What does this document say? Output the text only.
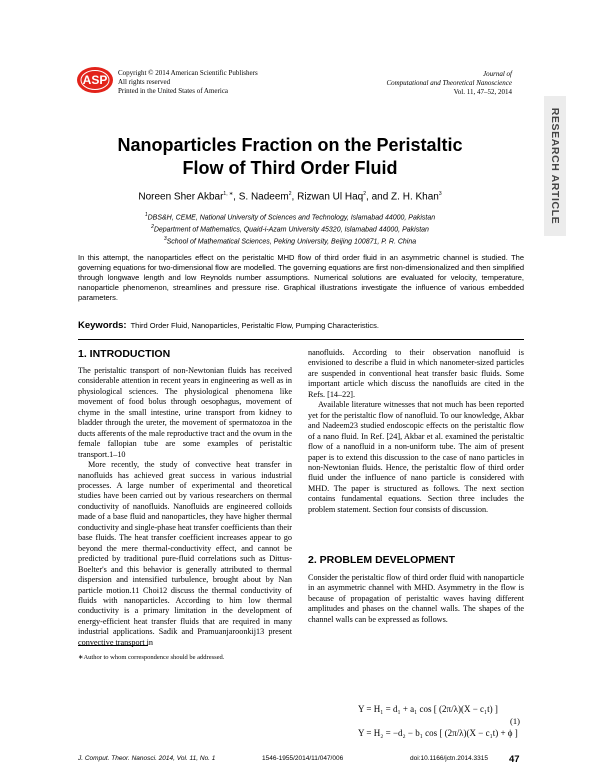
ASP Copyright © 2014 American Scientific Publishers
All rights reserved
Printed in the United States of America
Journal of
Computational and Theoretical Nanoscience
Vol. 11, 47–52, 2014
RESEARCH ARTICLE
Nanoparticles Fraction on the Peristaltic
Flow of Third Order Fluid
Noreen Sher Akbar$^{1, ∗}$, S. Nadeem$^2$, Rizwan Ul Haq$^2$, and Z. H. Khan$^3$
$^1$DBS&H, CEME, National University of Sciences and Technology, Islamabad 44000, Pakistan
$^2$Department of Mathematics, Quaid-i-Azam University 45320, Islamabad 44000, Pakistan
$^3$School of Mathematical Sciences, Peking University, Beijing 100871, P. R. China
In this attempt, the nanoparticles effect on the peristaltic MHD flow of third order fluid in an asymmetric channel is studied. The governing equations for two-dimensional flow are modelled. The governing equations are first non-dimensionalized and then simplified through longwave length and low Reynolds number assumptions. Numerical solutions are evaluated for velocity, temperature, nanoparticle phenomenon, streamlines and pressure rise. Graphical illustrations investigate the influence of various embedded parameters.
Keywords: Third Order Fluid, Nanoparticles, Peristaltic Flow, Pumping Characteristics.
1. INTRODUCTION

The peristaltic transport of non-Newtonian fluids has received considerable attention in recent years in engineering as well as in physiological sciences. The physiological phenomena like movement of food bolus through oesophagus, movement of chyme in the small intestine, urine transport from kidney to bladder through the ureter, the movement of spermatozoa in the ducts afferents of the male reproductive tract and the ovum in the female fallopian tube are some examples of peristaltic transport.1–10

More recently, the study of convective heat transfer in nanofluids has achieved great success in various industrial processes. A large number of experimental and theoretical studies have been carried out by various researchers on thermal conductivity of nanofluids. Nanofluids are engineered colloids made of a base fluid and nanoparticles, they have higher thermal conductivity and single-phase heat transfer coefficients than their base fluids. The heat transfer coefficient increases appear to go beyond the mere thermal-conductivity effect, and cannot be predicted by traditional pure-fluid correlations such as Dittus-Boelter's and this behavior is generally attributed to thermal dispersion and intensified turbulence, brought about by Nan particle motion.11 Choi12 discuss the thermal conductivity of fluids with nanoparticles. According to him low thermal conductivity is a primary limitation in the development of energy-efficient heat transfer fluids that are required in many industrial applications. Sadik and Pramuanjaroonkij13 present convective transport in

nanofluids. According to their observation nanofluid is envisioned to describe a fluid in which nanometer-sized particles are suspended in conventional heat transfer basic fluids. Some important article which discuss the nanofluids are cited in the Refs. [14–22].

Available literature witnesses that not much has been reported yet for the peristaltic flow of nanofluid. To our knowledge, Akbar and Nadeem23 studied endoscopic effects on the peristaltic flow of a nano fluid. In Ref. [24], Akbar et al. examined the peristaltic flow of a nanofluid in a non-uniform tube. The aim of present paper is to extend this discussion to the case of nano particles in non-Newtonian fluids. Hence, the peristaltic flow of third order fluid under the influence of nano particle is considered with MHD. The paper is structured as follows. The next section contains fundamental equations. Section three includes the problem statement. Section four consists of discussion.

2. PROBLEM DEVELOPMENT
Consider the peristaltic flow of third order fluid with nanoparticle in an asymmetric channel with MHD. Asymmetry in the flow is because of propagation of peristaltic waves having different amplitudes and phases on the channel walls. The shapes of the channel walls can be expressed as follows.
Y = H₁ = d₁ + a₁ cos [ (2π/λ)(X − c₁t) ]
Y = H₂ = −d₂ − b₁ cos [ (2π/λ)(X − c₁t) + ϕ ]
(1)
∗Author to whom correspondence should be addressed.
J. Comput. Theor. Nanosci. 2014, Vol. 11, No. 1	1546-1955/2014/11/047/006	doi:10.1166/jctn.2014.3315 47
